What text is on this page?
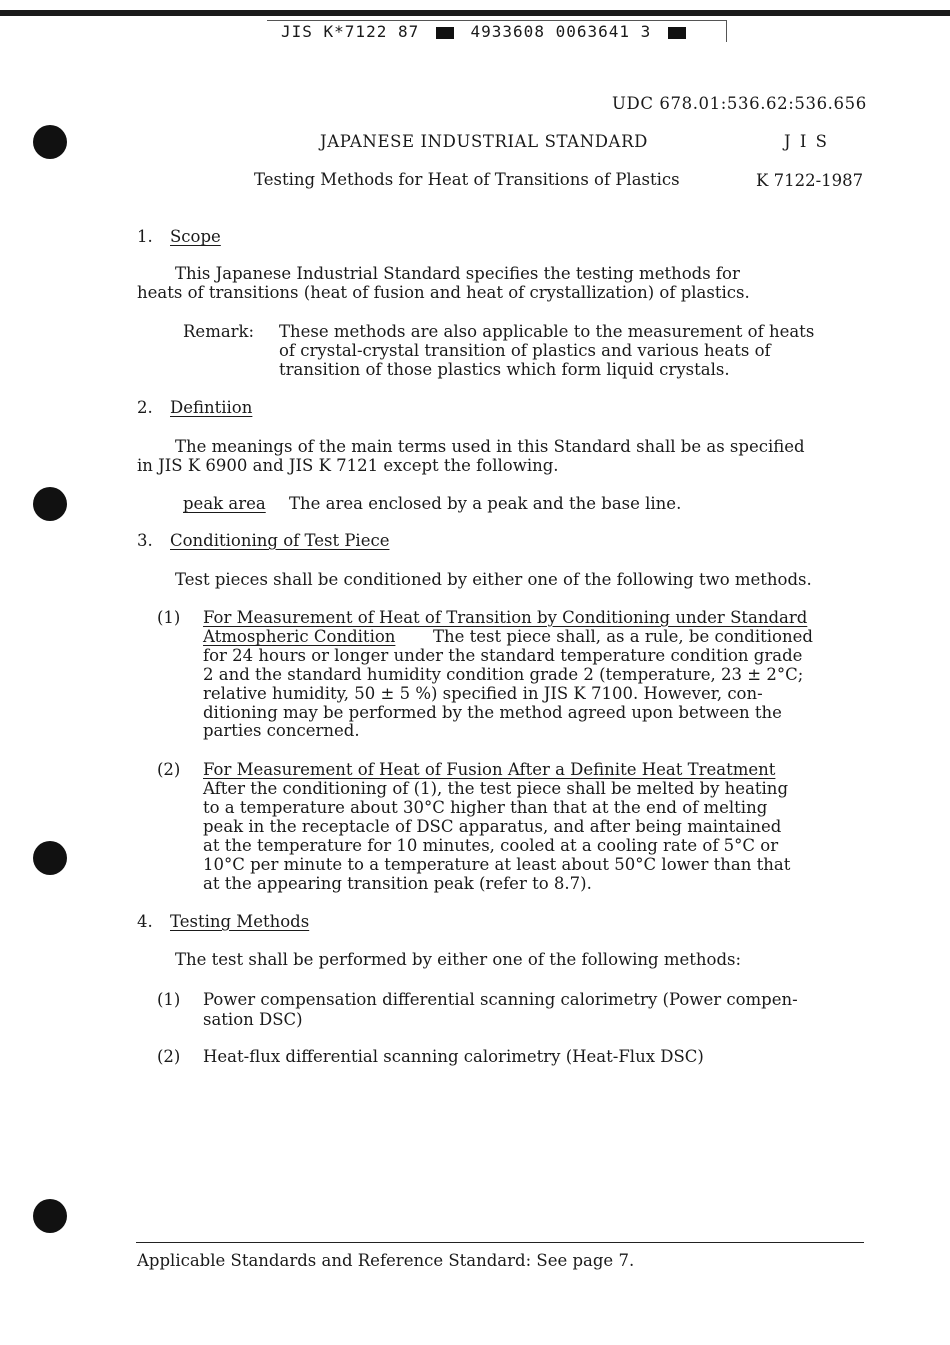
JIS K*7122 87	4933608 0063641 3
UDC 678.01:536.62:536.656
JAPANESE INDUSTRIAL STANDARD	J I S
Testing Methods for Heat of Transitions of Plastics	K 7122-1987
1. Scope
This Japanese Industrial Standard specifies the testing methods for
heats of transitions (heat of fusion and heat of crystallization) of plastics.
Remark: These methods are also applicable to the measurement of heats
of crystal-crystal transition of plastics and various heats of
transition of those plastics which form liquid crystals.
2. Defintiion
The meanings of the main terms used in this Standard shall be as specified
in JIS K 6900 and JIS K 7121 except the following.
peak area The area enclosed by a peak and the base line.
3. Conditioning of Test Piece
Test pieces shall be conditioned by either one of the following two methods.
(1) For Measurement of Heat of Transition by Conditioning under Standard
Atmospheric Condition The test piece shall, as a rule, be conditioned
for 24 hours or longer under the standard temperature condition grade
2 and the standard humidity condition grade 2 (temperature, 23 ± 2°C;
relative humidity, 50 ± 5 %) specified in JIS K 7100. However, con-
ditioning may be performed by the method agreed upon between the
parties concerned.
(2) For Measurement of Heat of Fusion After a Definite Heat Treatment
After the conditioning of (1), the test piece shall be melted by heating
to a temperature about 30°C higher than that at the end of melting
peak in the receptacle of DSC apparatus, and after being maintained
at the temperature for 10 minutes, cooled at a cooling rate of 5°C or
10°C per minute to a temperature at least about 50°C lower than that
at the appearing transition peak (refer to 8.7).
4. Testing Methods
The test shall be performed by either one of the following methods:
(1) Power compensation differential scanning calorimetry (Power compen-
sation DSC)
(2) Heat-flux differential scanning calorimetry (Heat-Flux DSC)
Applicable Standards and Reference Standard: See page 7.
